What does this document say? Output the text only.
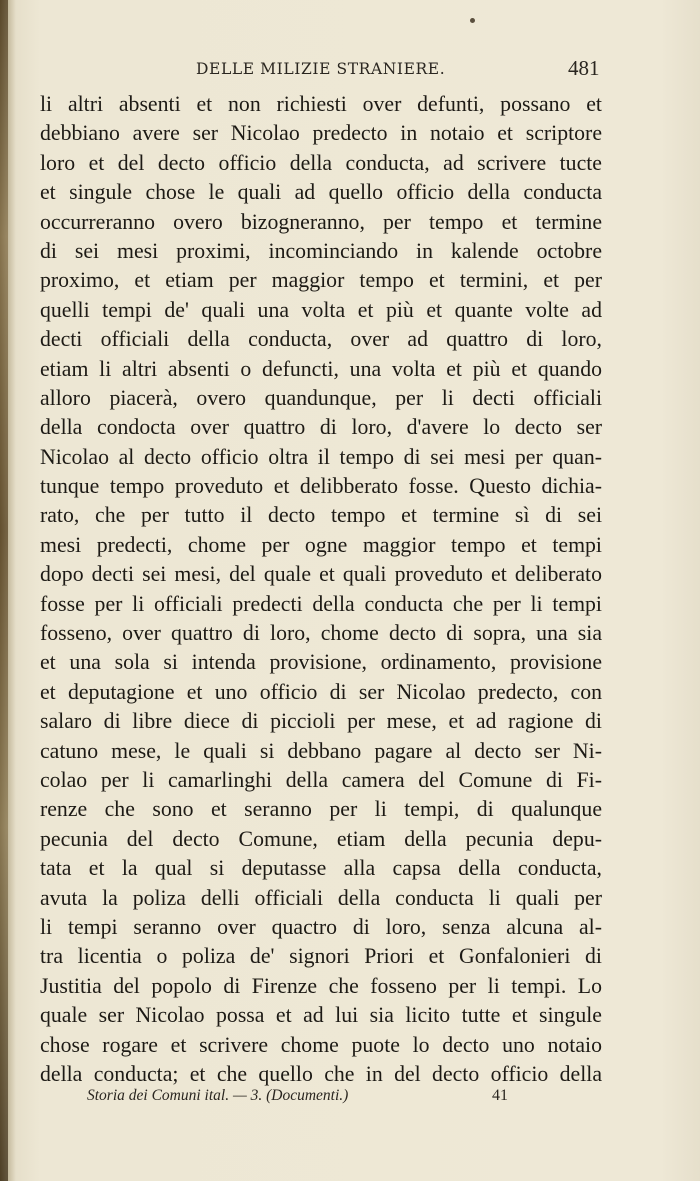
DELLE MILIZIE STRANIERE.	481
li altri absenti et non richiesti over defunti, possano et
debbiano avere ser Nicolao predecto in notaio et scriptore
loro et del decto officio della conducta, ad scrivere tucte
et singule chose le quali ad quello officio della conducta
occurreranno overo bizogneranno, per tempo et termine
di sei mesi proximi, incominciando in kalende octobre
proximo, et etiam per maggior tempo et termini, et per
quelli tempi de' quali una volta et più et quante volte ad
decti officiali della conducta, over ad quattro di loro,
etiam li altri absenti o defuncti, una volta et più et quando
alloro piacerà, overo quandunque, per li decti officiali
della condocta over quattro di loro, d'avere lo decto ser
Nicolao al decto officio oltra il tempo di sei mesi per quan-
tunque tempo proveduto et delibberato fosse. Questo dichia-
rato, che per tutto il decto tempo et termine sì di sei
mesi predecti, chome per ogne maggior tempo et tempi
dopo decti sei mesi, del quale et quali proveduto et deliberato
fosse per li officiali predecti della conducta che per li tempi
fosseno, over quattro di loro, chome decto di sopra, una sia
et una sola si intenda provisione, ordinamento, provisione
et deputagione et uno officio di ser Nicolao predecto, con
salaro di libre diece di piccioli per mese, et ad ragione di
catuno mese, le quali si debbano pagare al decto ser Ni-
colao per li camarlinghi della camera del Comune di Fi-
renze che sono et seranno per li tempi, di qualunque
pecunia del decto Comune, etiam della pecunia depu-
tata et la qual si deputasse alla capsa della conducta,
avuta la poliza delli officiali della conducta li quali per
li tempi seranno over quactro di loro, senza alcuna al-
tra licentia o poliza de' signori Priori et Gonfalonieri di
Justitia del popolo di Firenze che fosseno per li tempi. Lo
quale ser Nicolao possa et ad lui sia licito tutte et singule
chose rogare et scrivere chome puote lo decto uno notaio
della conducta; et che quello che in del decto officio della
Storia dei Comuni ital. — 3. (Documenti.)	41
